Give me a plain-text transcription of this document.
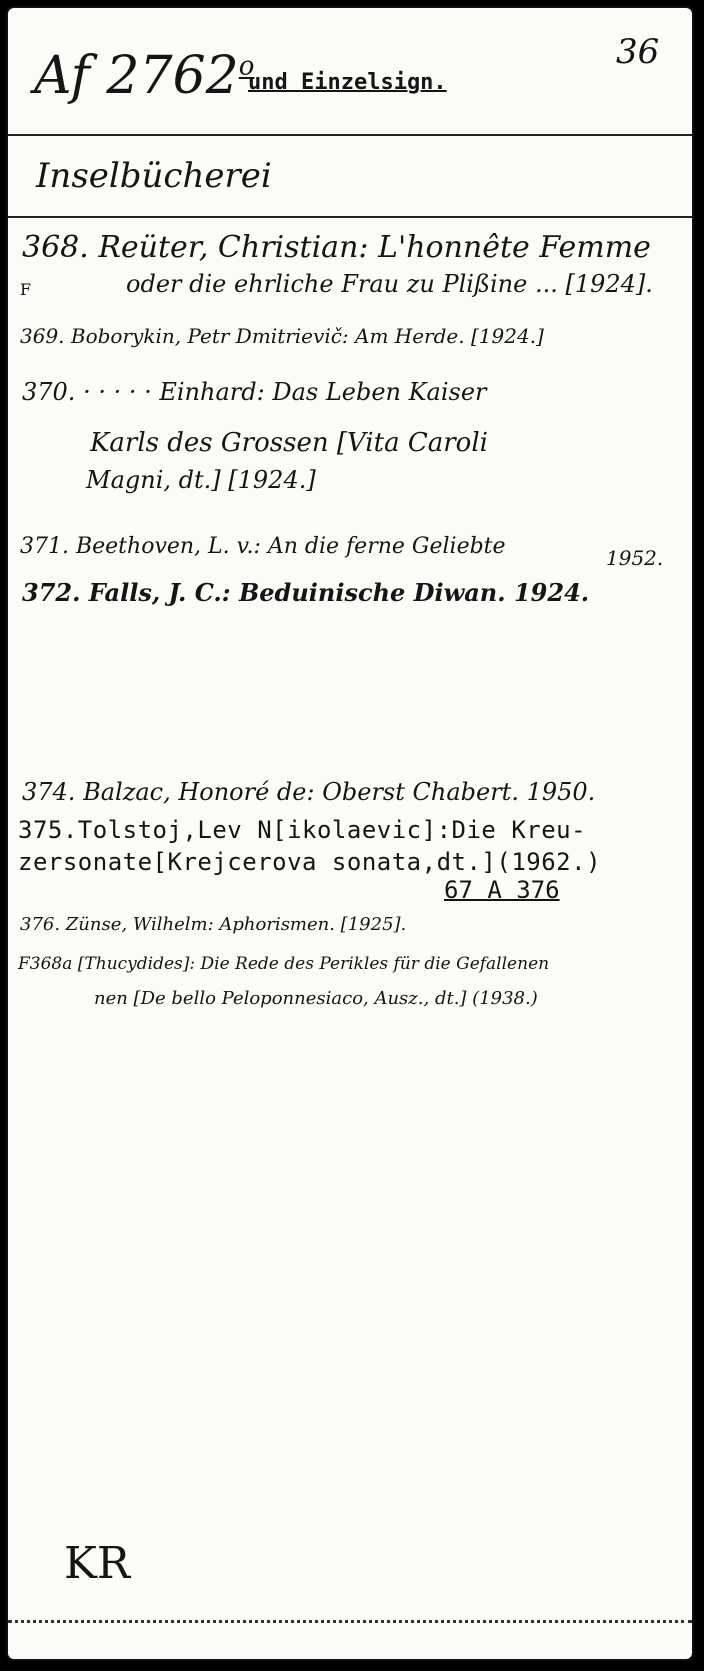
Af 2762$^o$
und Einzelsign.
36
Inselbücherei
368. Reüter, Christian: L'honnête Femme
F	oder die ehrliche Frau zu Plißine ... [1924].
369. Boborykin, Petr Dmitrievič: Am Herde. [1924.]
370. · · · · · Einhard: Das Leben Kaiser
Karls des Grossen [Vita Caroli
Magni, dt.] [1924.]
371. Beethoven, L. v.: An die ferne Geliebte	1952.
372. Falls, J. C.: Beduinische Diwan. 1924.
374. Balzac, Honoré de: Oberst Chabert. 1950.
375.Tolstoj,Lev N[ikolaevic]:Die Kreu-
zersonate[Krejcerova sonata,dt.](1962.)
67 A 376
376. Zünse, Wilhelm: Aphorismen. [1925].
F368a [Thucydides]: Die Rede des Perikles für die Gefallenen
nen [De bello Peloponnesiaco, Ausz., dt.] (1938.)
KR
